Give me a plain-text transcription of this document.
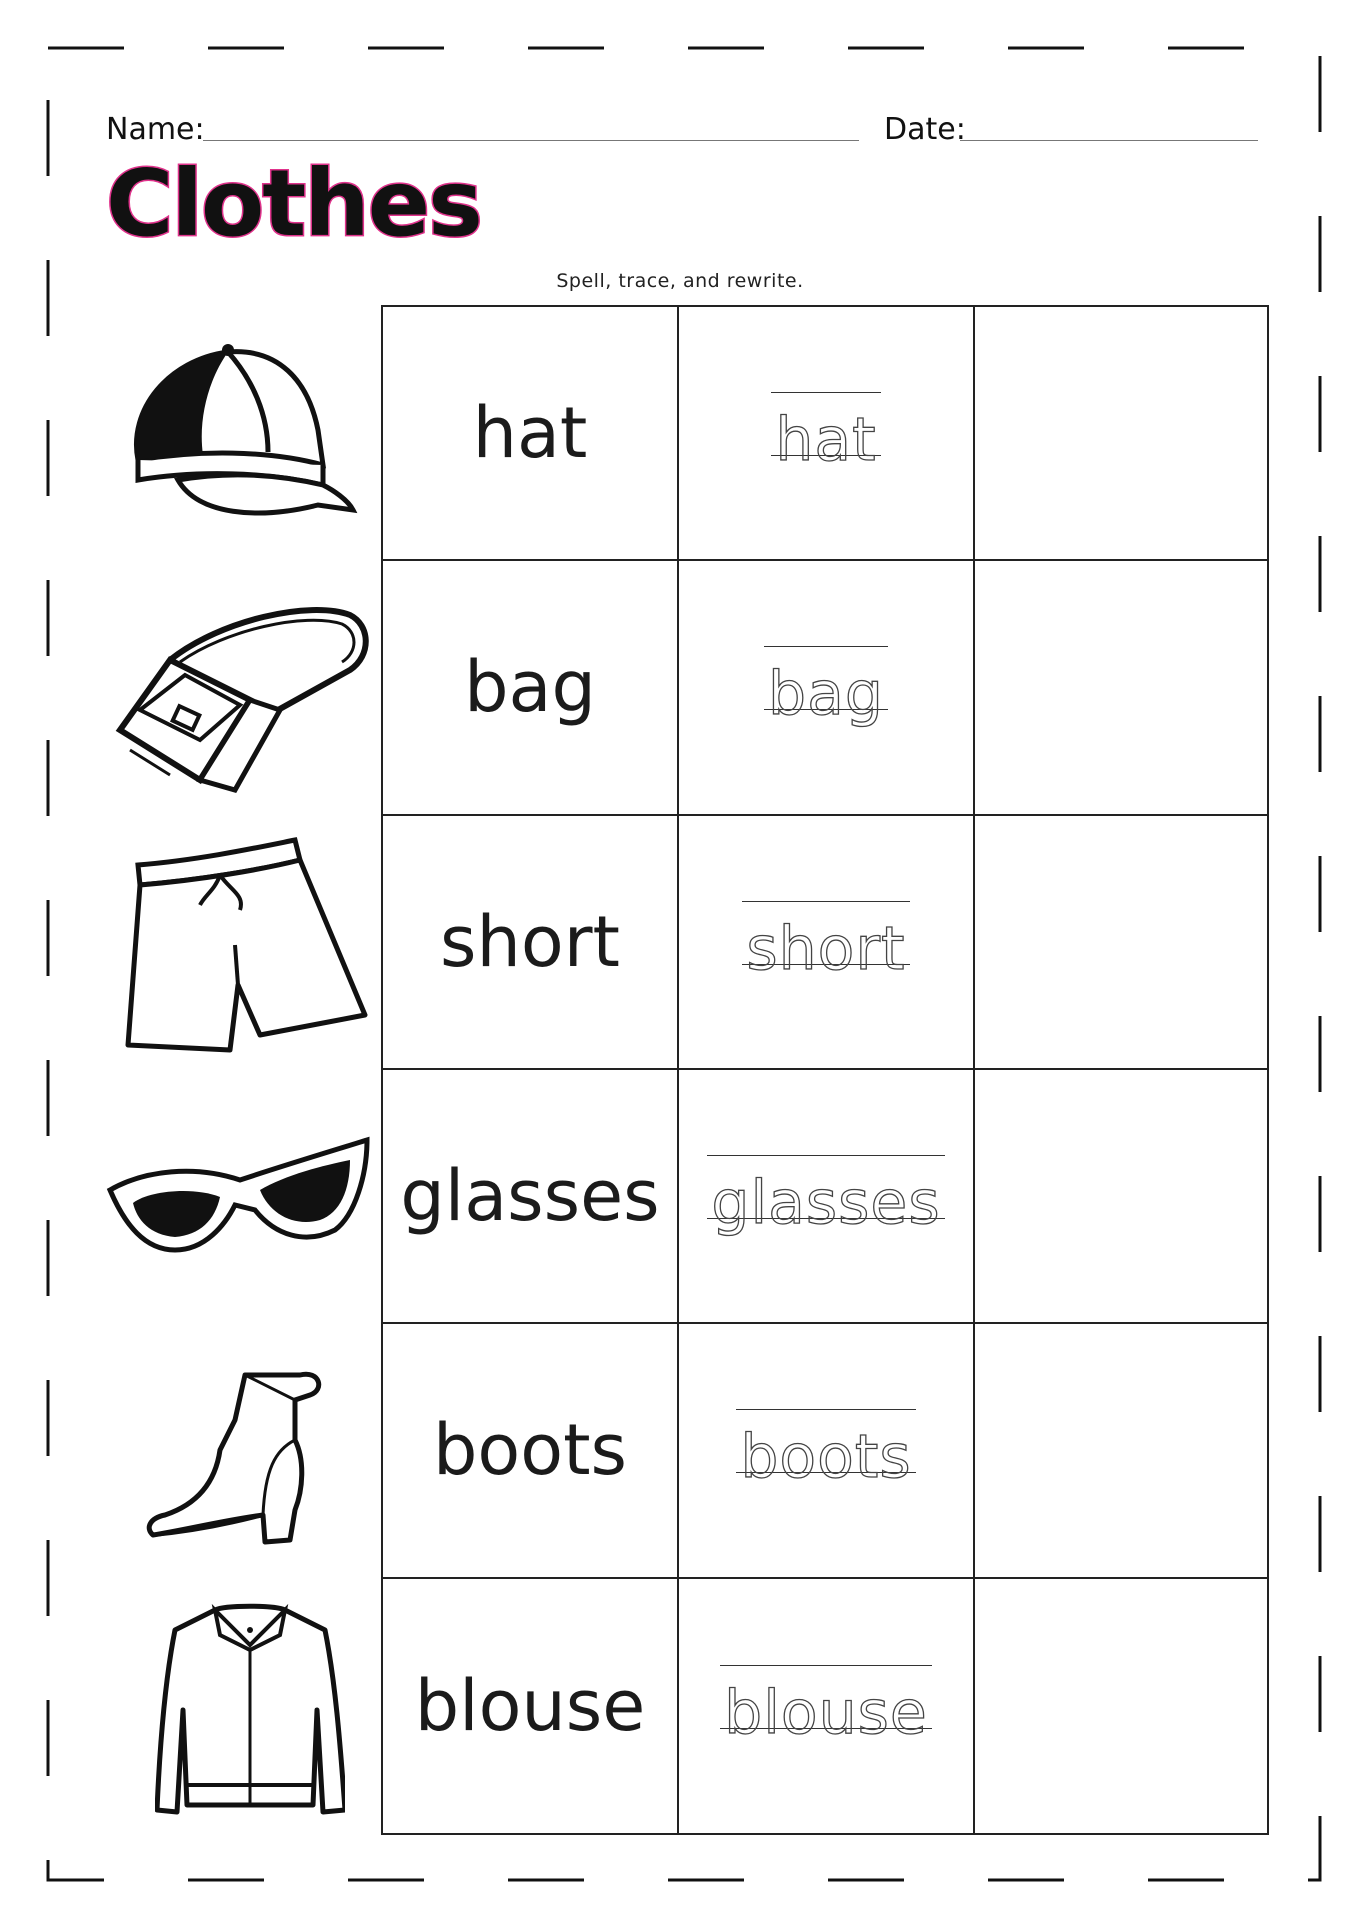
Name:	Date:
Clothes
Spell, trace, and rewrite.
hat	hat
bag	bag
short short
glasses glasses
boots boots
blouse blouse
